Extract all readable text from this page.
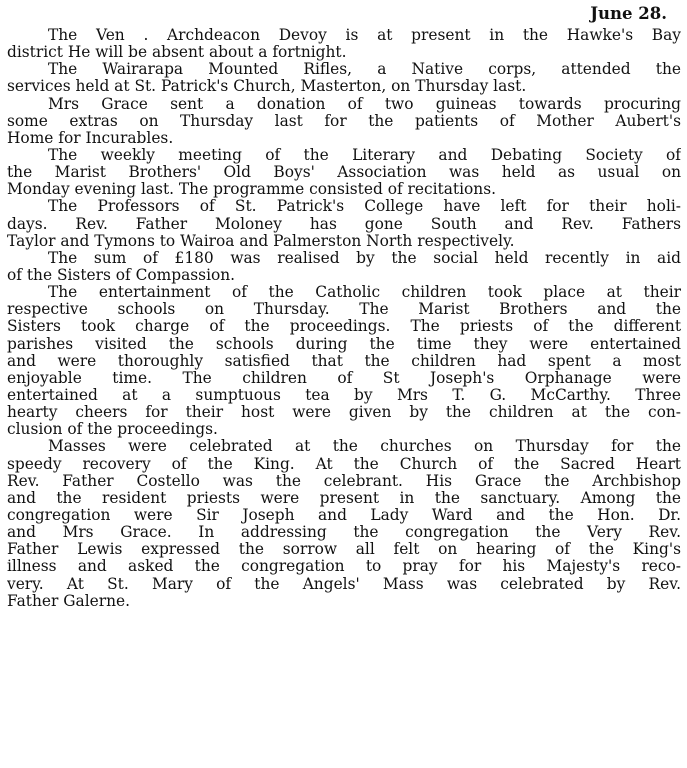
June 28.
The Ven . Archdeacon Devoy is at present in the Hawke's Bay
district He will be absent about a fortnight.
The Wairarapa Mounted Rifles, a Native corps, attended the
services held at St. Patrick's Church, Masterton, on Thursday last.
Mrs Grace sent a donation of two guineas towards procuring
some extras on Thursday last for the patients of Mother Aubert's
Home for Incurables.
The weekly meeting of the Literary and Debating Society of
the Marist Brothers' Old Boys' Association was held as usual on
Monday evening last. The programme consisted of recitations.
The Professors of St. Patrick's College have left for their holi-
days. Rev. Father Moloney has gone South and Rev. Fathers
Taylor and Tymons to Wairoa and Palmerston North respectively.
The sum of £180 was realised by the social held recently in aid
of the Sisters of Compassion.
The entertainment of the Catholic children took place at their
respective schools on Thursday. The Marist Brothers and the
Sisters took charge of the proceedings. The priests of the different
parishes visited the schools during the time they were entertained
and were thoroughly satisfied that the children had spent a most
enjoyable time. The children of St Joseph's Orphanage were
entertained at a sumptuous tea by Mrs T. G. McCarthy. Three
hearty cheers for their host were given by the children at the con-
clusion of the proceedings.
Masses were celebrated at the churches on Thursday for the
speedy recovery of the King. At the Church of the Sacred Heart
Rev. Father Costello was the celebrant. His Grace the Archbishop
and the resident priests were present in the sanctuary. Among the
congregation were Sir Joseph and Lady Ward and the Hon. Dr.
and Mrs Grace. In addressing the congregation the Very Rev.
Father Lewis expressed the sorrow all felt on hearing of the King's
illness and asked the congregation to pray for his Majesty's reco-
very. At St. Mary of the Angels' Mass was celebrated by Rev.
Father Galerne.
